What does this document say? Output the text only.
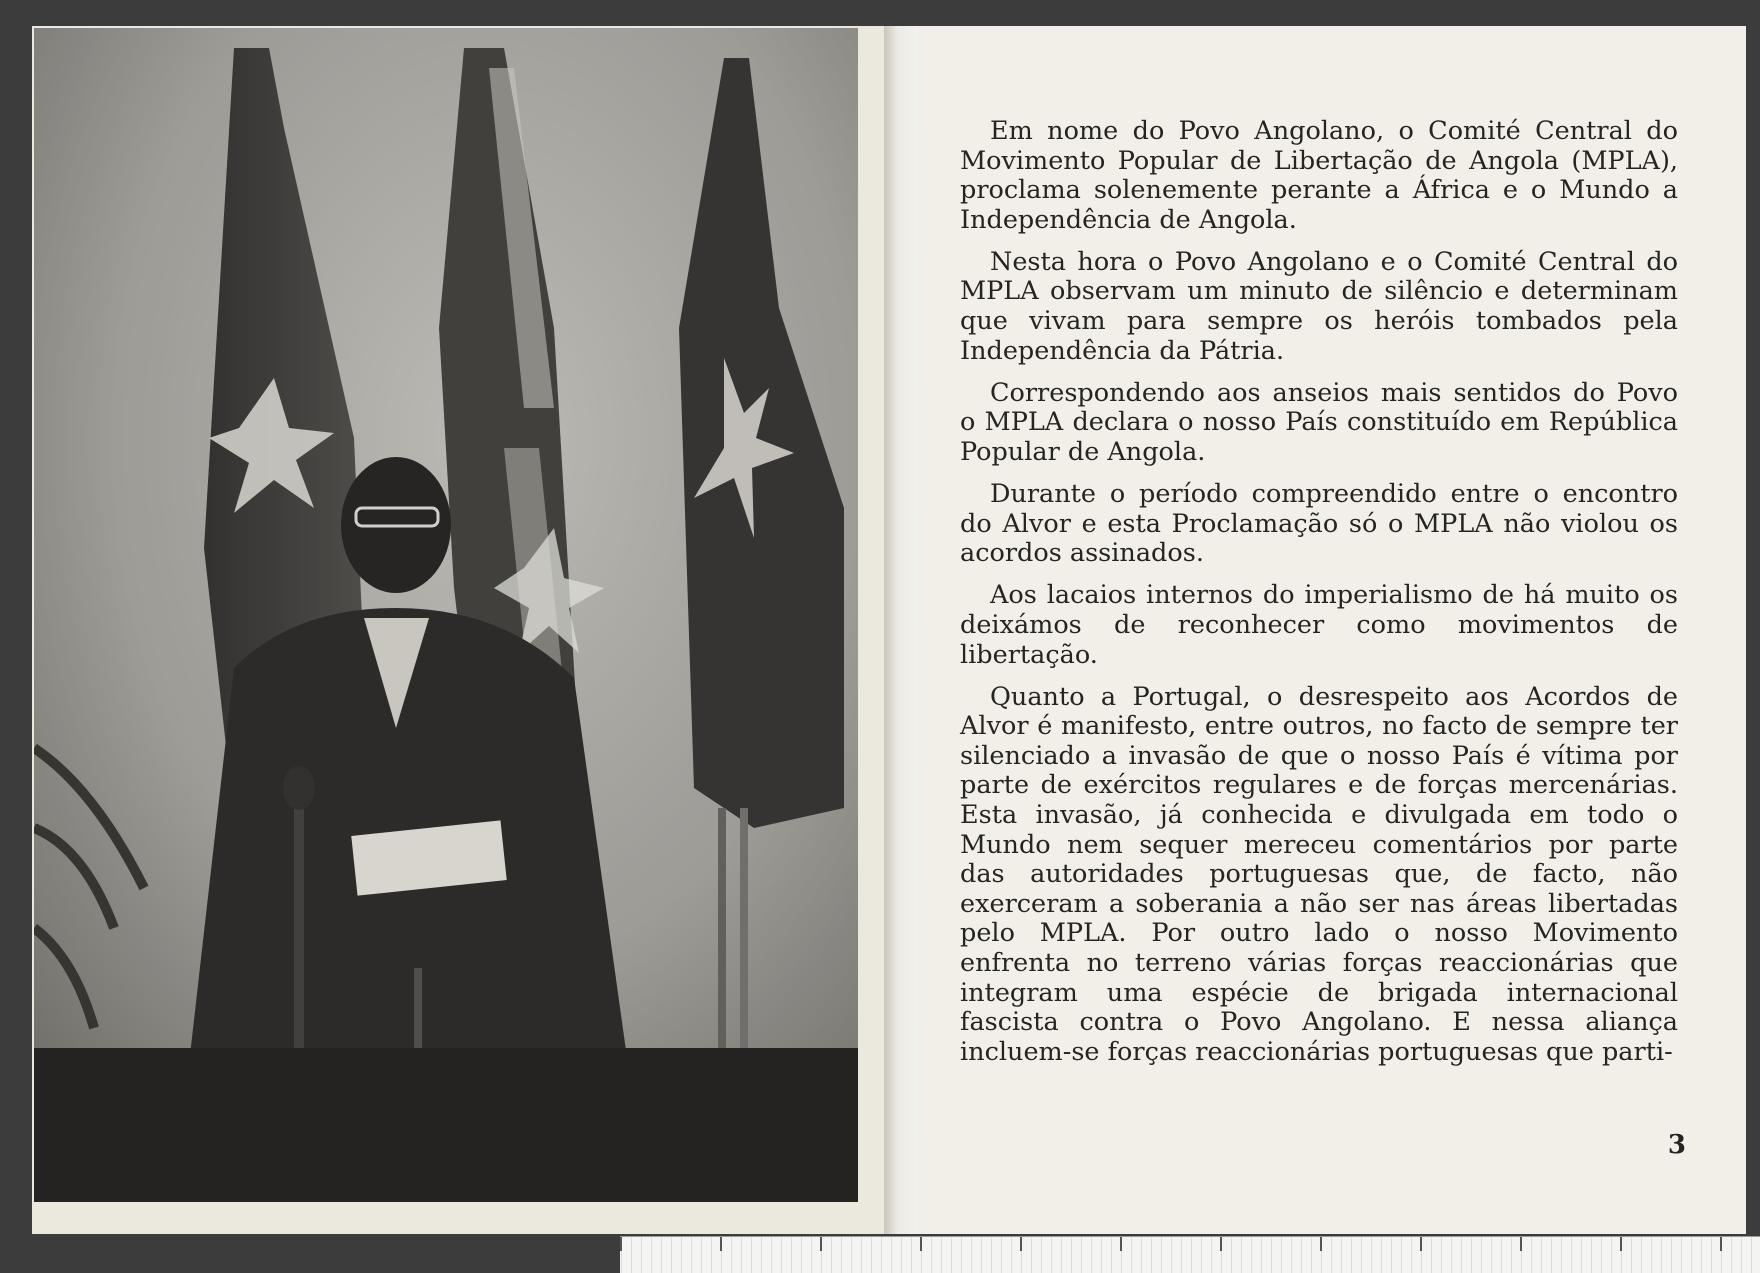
Em nome do Povo Angolano, o Comité Central do Movimento Popular de Libertação de Angola (MPLA), proclama solenemente perante a África e o Mundo a Independência de Angola.

Nesta hora o Povo Angolano e o Comité Central do MPLA observam um minuto de silêncio e determinam que vivam para sempre os heróis tombados pela Independência da Pátria.

Correspondendo aos anseios mais sentidos do Povo o MPLA declara o nosso País constituído em República Popular de Angola.

Durante o período compreendido entre o encontro do Alvor e esta Proclamação só o MPLA não violou os acordos assinados.

Aos lacaios internos do imperialismo de há muito os deixámos de reconhecer como movimentos de libertação.

Quanto a Portugal, o desrespeito aos Acordos de Alvor é manifesto, entre outros, no facto de sempre ter silenciado a invasão de que o nosso País é vítima por parte de exércitos regulares e de forças mercenárias. Esta invasão, já conhecida e divulgada em todo o Mundo nem sequer mereceu comentários por parte das autoridades portuguesas que, de facto, não exerceram a soberania a não ser nas áreas libertadas pelo MPLA. Por outro lado o nosso Movimento enfrenta no terreno várias forças reaccionárias que integram uma espécie de brigada internacional fascista contra o Povo Angolano. E nessa aliança incluem-se forças reaccionárias portuguesas que parti-

3
